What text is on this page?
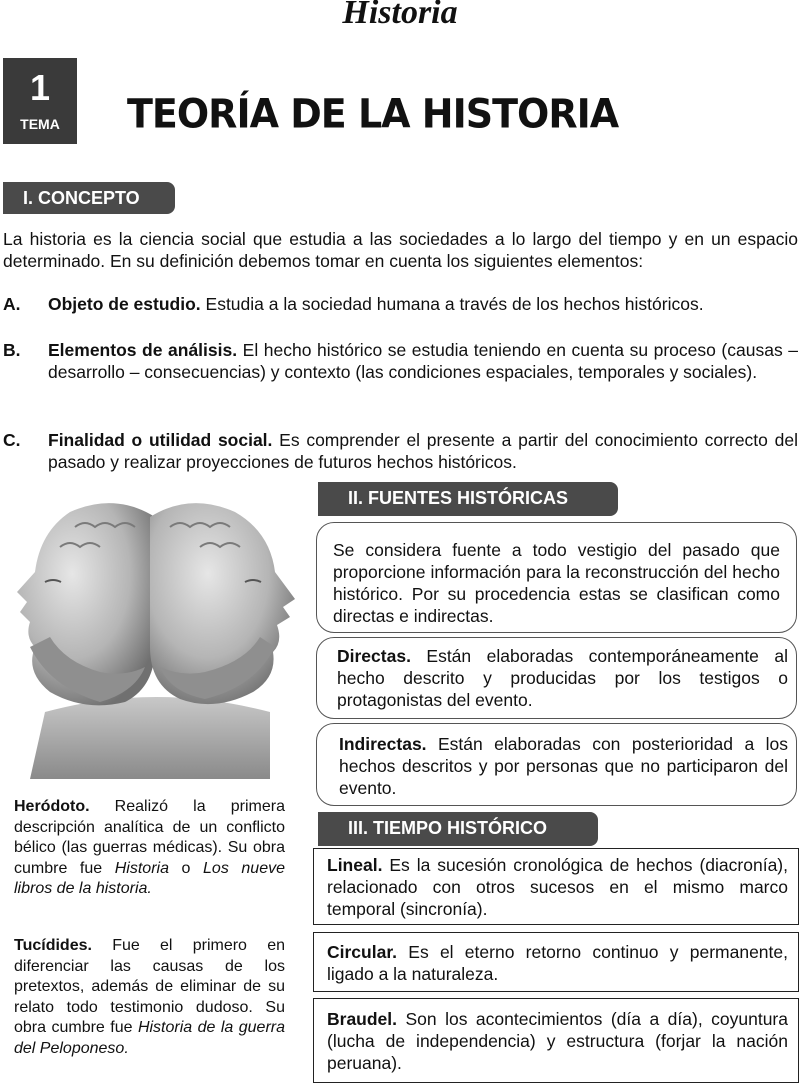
Historia
1
TEMA	TEORÍA DE LA HISTORIA
I. CONCEPTO
La historia es la ciencia social que estudia a las sociedades a lo largo del tiempo y en un espacio determinado. En su definición debemos tomar en cuenta los siguientes elementos:
A. Objeto de estudio. Estudia a la sociedad humana a través de los hechos históricos.
B. Elementos de análisis. El hecho histórico se estudia teniendo en cuenta su proceso (causas – desarrollo – consecuencias) y contexto (las condiciones espaciales, temporales y sociales).
C. Finalidad o utilidad social. Es comprender el presente a partir del conocimiento correcto del pasado y realizar proyecciones de futuros hechos históricos.
Heródoto. Realizó la primera descripción analítica de un conflicto bélico (las guerras médicas). Su obra cumbre fue Historia o Los nueve libros de la historia.
Tucídides. Fue el primero en diferenciar las causas de los pretextos, además de eliminar de su relato todo testimonio dudoso. Su obra cumbre fue Historia de la guerra del Peloponeso.
II. FUENTES HISTÓRICAS
Se considera fuente a todo vestigio del pasado que proporcione información para la reconstrucción del hecho histórico. Por su procedencia estas se clasifican como directas e indirectas.
Directas. Están elaboradas contemporáneamente al hecho descrito y producidas por los testigos o protagonistas del evento.
Indirectas. Están elaboradas con posterioridad a los hechos descritos y por personas que no participaron del evento.
III. TIEMPO HISTÓRICO
Lineal. Es la sucesión cronológica de hechos (diacronía), relacionado con otros sucesos en el mismo marco temporal (sincronía).
Circular. Es el eterno retorno continuo y permanente, ligado a la naturaleza.
Braudel. Son los acontecimientos (día a día), coyuntura (lucha de independencia) y estructura (forjar la nación peruana).
